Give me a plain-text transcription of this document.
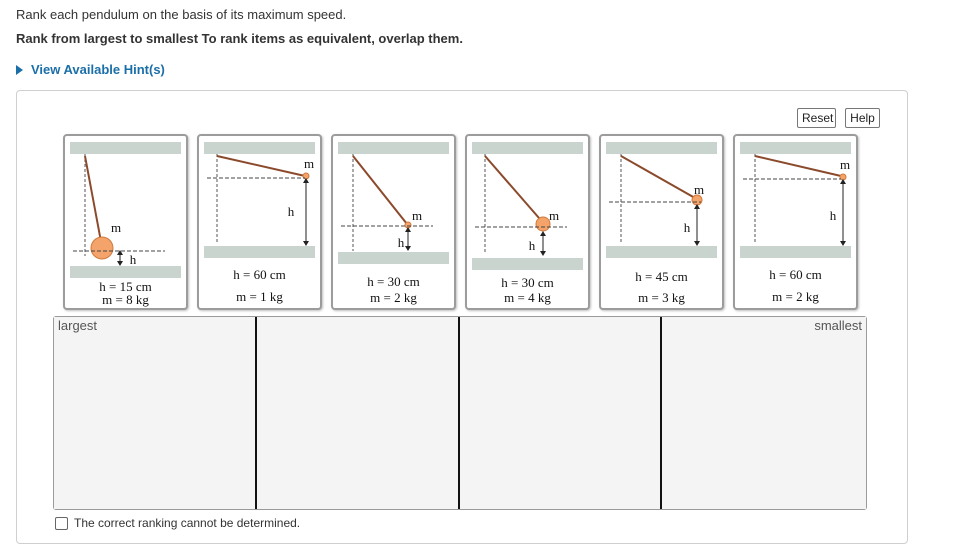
Rank each pendulum on the basis of its maximum speed.
Rank from largest to smallest To rank items as equivalent, overlap them.
View Available Hint(s)
Reset	Help
m
h
h = 15 cm
m = 8 kg
m
h
h = 60 cm
m = 1 kg
m
h
h = 30 cm
m = 2 kg
m
h
h = 30 cm
m = 4 kg
m
h
h = 45 cm
m = 3 kg
m
h
h = 60 cm
m = 2 kg
largest	smallest
The correct ranking cannot be determined.
